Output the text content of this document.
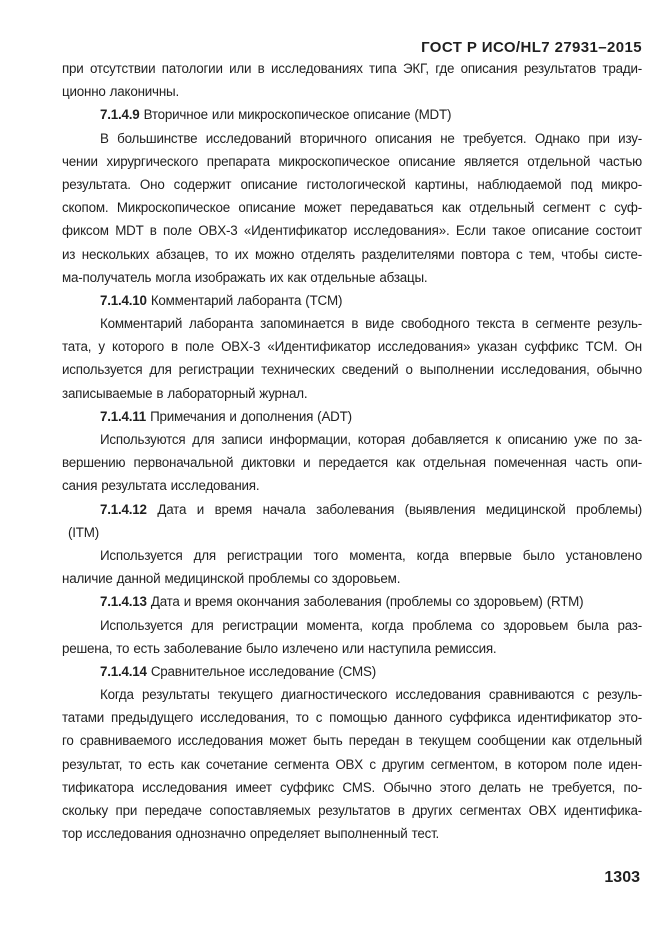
ГОСТ Р ИСО/HL7 27931–2015
при отсутствии патологии или в исследованиях типа ЭКГ, где описания результатов тради-
ционно лаконичны.
7.1.4.9 Вторичное или микроскопическое описание (MDT)
В большинстве исследований вторичного описания не требуется. Однако при изу-
чении хирургического препарата микроскопическое описание является отдельной частью
результата. Оно содержит описание гистологической картины, наблюдаемой под микро-
скопом. Микроскопическое описание может передаваться как отдельный сегмент с суф-
фиксом MDT в поле OBX-3 «Идентификатор исследования». Если такое описание состоит
из нескольких абзацев, то их можно отделять разделителями повтора с тем, чтобы систе-
ма-получатель могла изображать их как отдельные абзацы.
7.1.4.10 Комментарий лаборанта (TCM)
Комментарий лаборанта запоминается в виде свободного текста в сегменте резуль-
тата, у которого в поле OBX-3 «Идентификатор исследования» указан суффикс TCM. Он
используется для регистрации технических сведений о выполнении исследования, обычно
записываемые в лабораторный журнал.
7.1.4.11 Примечания и дополнения (ADT)
Используются для записи информации, которая добавляется к описанию уже по за-
вершению первоначальной диктовки и передается как отдельная помеченная часть опи-
сания результата исследования.
7.1.4.12 Дата и время начала заболевания (выявления медицинской проблемы)
(ITM)
Используется для регистрации того момента, когда впервые было установлено
наличие данной медицинской проблемы со здоровьем.
7.1.4.13 Дата и время окончания заболевания (проблемы со здоровьем) (RTM)
Используется для регистрации момента, когда проблема со здоровьем была раз-
решена, то есть заболевание было излечено или наступила ремиссия.
7.1.4.14 Сравнительное исследование (CMS)
Когда результаты текущего диагностического исследования сравниваются с резуль-
татами предыдущего исследования, то с помощью данного суффикса идентификатор это-
го сравниваемого исследования может быть передан в текущем сообщении как отдельный
результат, то есть как сочетание сегмента OBX с другим сегментом, в котором поле иден-
тификатора исследования имеет суффикс CMS. Обычно этого делать не требуется, по-
скольку при передаче сопоставляемых результатов в других сегментах OBX идентифика-
тор исследования однозначно определяет выполненный тест.
1303
